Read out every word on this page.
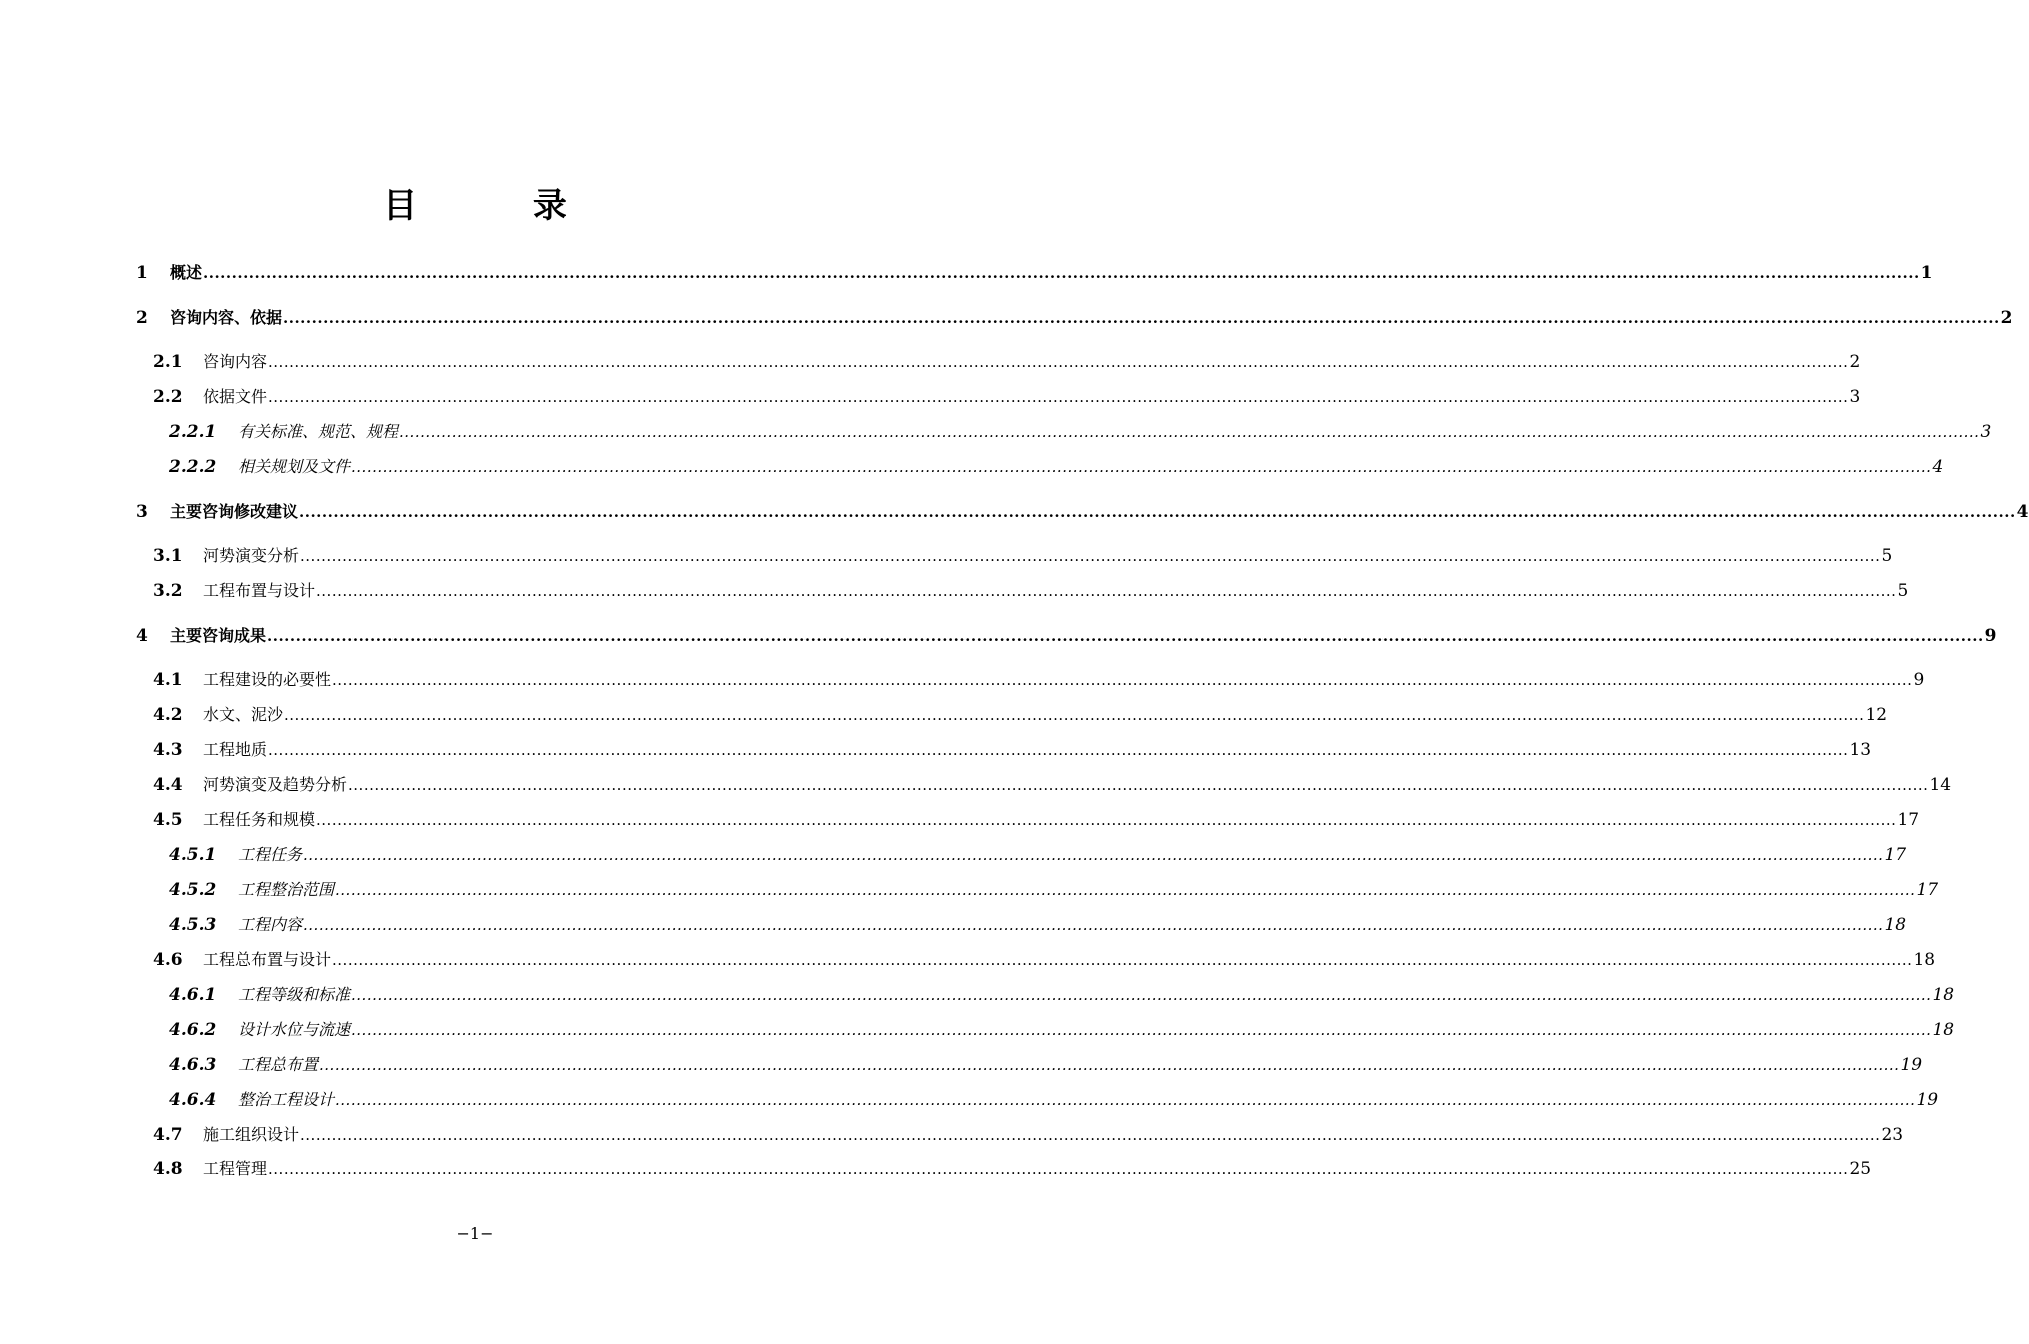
目 录
1	概述 ............................................................................................................................................................................................................................................................................................................ 1
2	咨询内容、依据 ............................................................................................................................................................................................................................................................................................................ 2
2.1	咨询内容 ............................................................................................................................................................................................................................................................................................................ 2
2.2	依据文件 ............................................................................................................................................................................................................................................................................................................ 3
2.2.1	有关标准、规范、规程 ............................................................................................................................................................................................................................................................................................................ 3
2.2.2	相关规划及文件 ............................................................................................................................................................................................................................................................................................................ 4
3	主要咨询修改建议 ............................................................................................................................................................................................................................................................................................................ 4
3.1	河势演变分析 ............................................................................................................................................................................................................................................................................................................ 5
3.2	工程布置与设计 ............................................................................................................................................................................................................................................................................................................ 5
4	主要咨询成果 ............................................................................................................................................................................................................................................................................................................ 9
4.1	工程建设的必要性 ............................................................................................................................................................................................................................................................................................................ 9
4.2	水文、泥沙 ............................................................................................................................................................................................................................................................................................................ 12
4.3	工程地质 ............................................................................................................................................................................................................................................................................................................ 13
4.4	河势演变及趋势分析 ............................................................................................................................................................................................................................................................................................................ 14
4.5	工程任务和规模 ............................................................................................................................................................................................................................................................................................................ 17
4.5.1	工程任务 ............................................................................................................................................................................................................................................................................................................ 17
4.5.2	工程整治范围 ............................................................................................................................................................................................................................................................................................................ 17
4.5.3	工程内容 ............................................................................................................................................................................................................................................................................................................ 18
4.6	工程总布置与设计 ............................................................................................................................................................................................................................................................................................................ 18
4.6.1	工程等级和标准 ............................................................................................................................................................................................................................................................................................................ 18
4.6.2	设计水位与流速 ............................................................................................................................................................................................................................................................................................................ 18
4.6.3	工程总布置 ............................................................................................................................................................................................................................................................................................................ 19
4.6.4	整治工程设计 ............................................................................................................................................................................................................................................................................................................ 19
4.7	施工组织设计 ............................................................................................................................................................................................................................................................................................................ 23
4.8	工程管理 ............................................................................................................................................................................................................................................................................................................ 25
−1−
